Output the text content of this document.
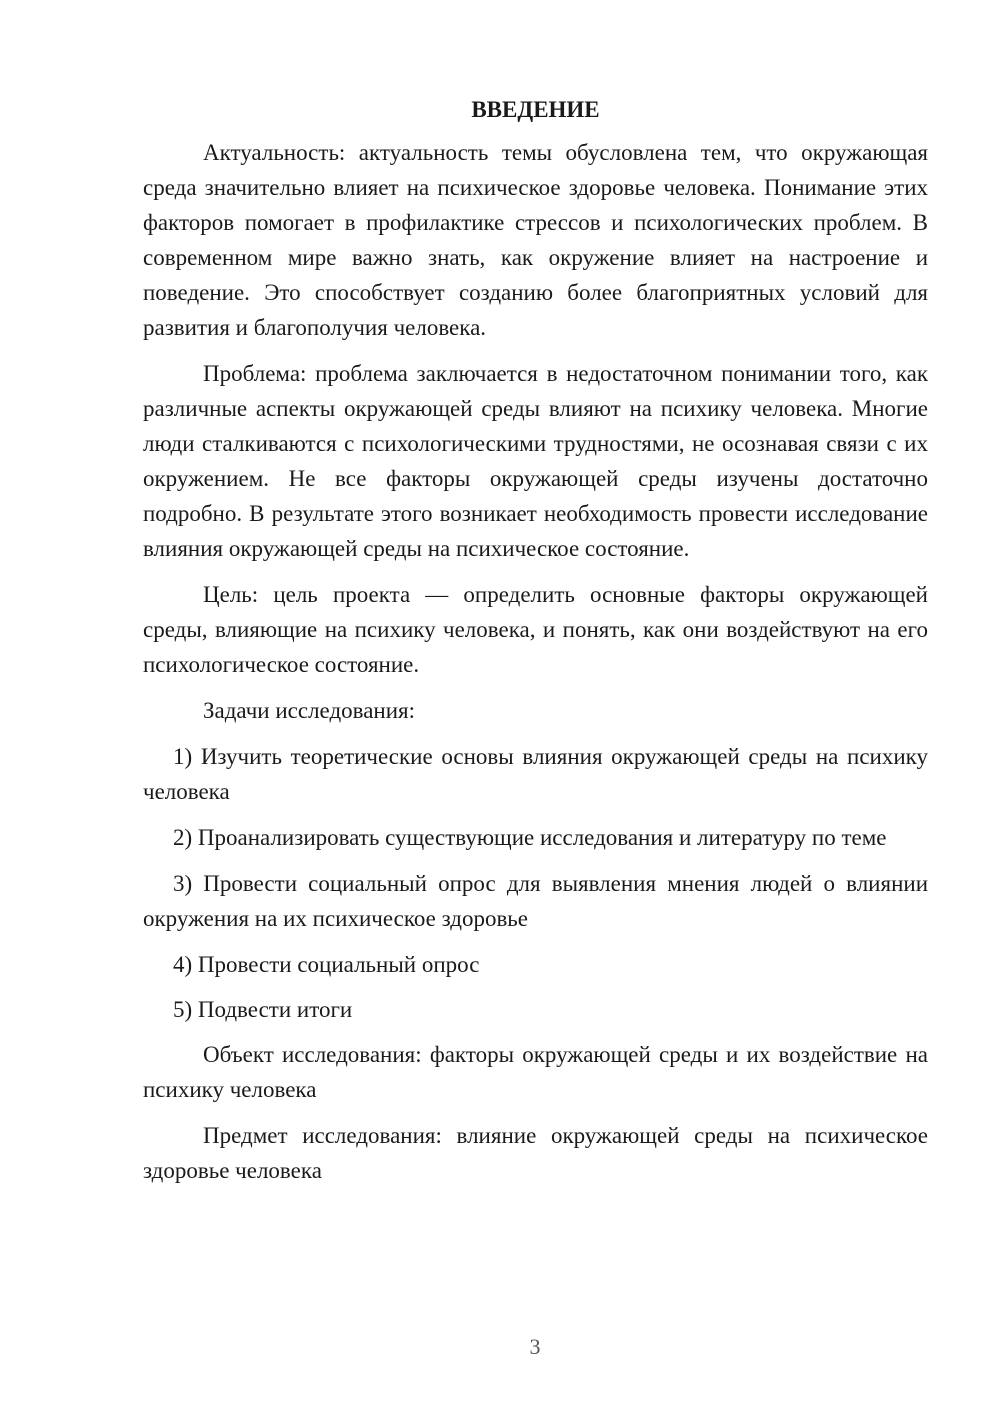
ВВЕДЕНИЕ

Актуальность: актуальность темы обусловлена тем, что окружающая среда значительно влияет на психическое здоровье человека. Понимание этих факторов помогает в профилактике стрессов и психологических проблем. В современном мире важно знать, как окружение влияет на настроение и поведение. Это способствует созданию более благоприятных условий для развития и благополучия человека.

Проблема: проблема заключается в недостаточном понимании того, как различные аспекты окружающей среды влияют на психику человека. Многие люди сталкиваются с психологическими трудностями, не осознавая связи с их окружением. Не все факторы окружающей среды изучены достаточно подробно. В результате этого возникает необходимость провести исследование влияния окружающей среды на психическое состояние.

Цель: цель проекта — определить основные факторы окружающей среды, влияющие на психику человека, и понять, как они воздействуют на его психологическое состояние.

Задачи исследования:

1) Изучить теоретические основы влияния окружающей среды на психику человека

2) Проанализировать существующие исследования и литературу по теме

3) Провести социальный опрос для выявления мнения людей о влиянии окружения на их психическое здоровье

4) Провести социальный опрос

5) Подвести итоги

Объект исследования: факторы окружающей среды и их воздействие на психику человека

Предмет исследования: влияние окружающей среды на психическое здоровье человека

3
